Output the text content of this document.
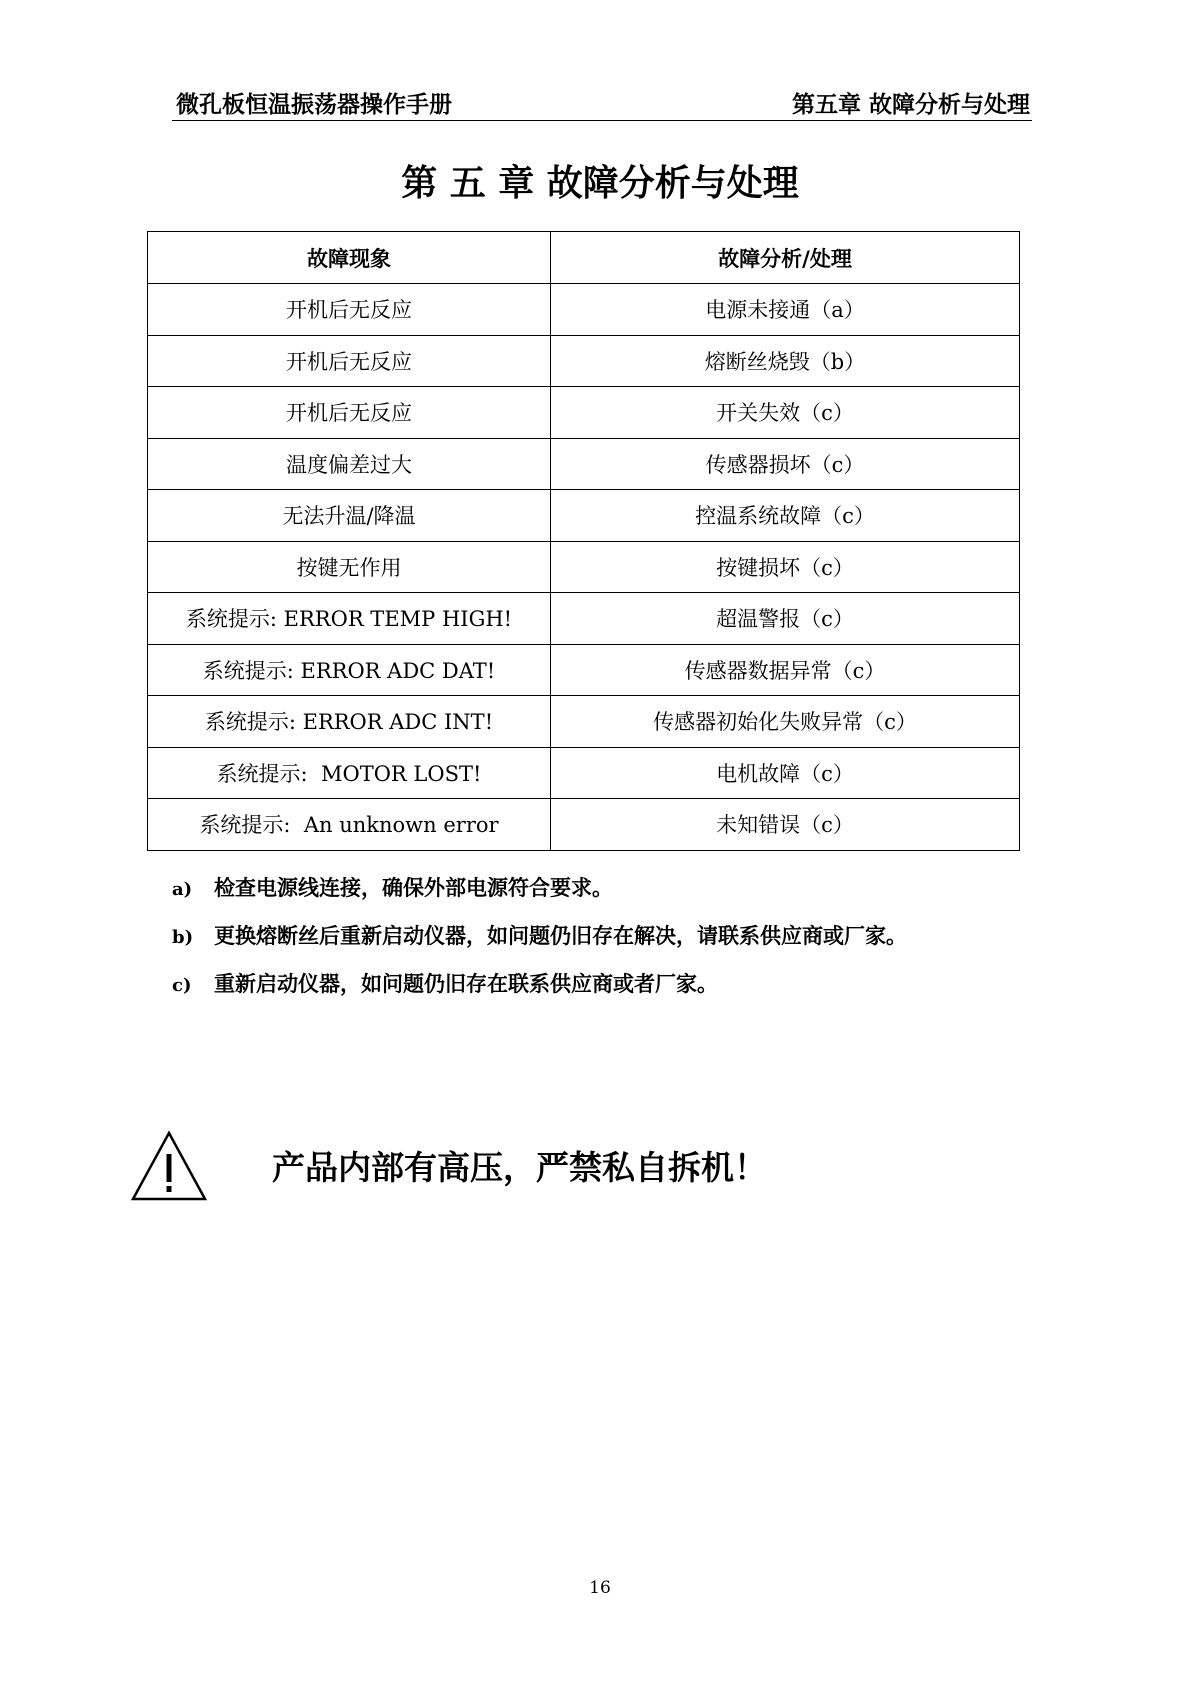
微孔板恒温振荡器操作手册	第五章 故障分析与处理
第 五 章 故障分析与处理
故障现象	故障分析/处理
开机后无反应	电源未接通（a）
开机后无反应	熔断丝烧毁（b）
开机后无反应	开关失效（c）
温度偏差过大	传感器损坏（c）
无法升温/降温	控温系统故障（c）
按键无作用	按键损坏（c）
系统提示: ERROR TEMP HIGH!	超温警报（c）
系统提示: ERROR ADC DAT!	传感器数据异常（c）
系统提示: ERROR ADC INT!	传感器初始化失败异常（c）
系统提示:  MOTOR LOST!	电机故障（c）
系统提示:  An unknown error	未知错误（c）
a)	检查电源线连接，确保外部电源符合要求。
b) 更换熔断丝后重新启动仪器，如问题仍旧存在解决，请联系供应商或厂家。
c)	重新启动仪器，如问题仍旧存在联系供应商或者厂家。
产品内部有高压，严禁私自拆机！
16
